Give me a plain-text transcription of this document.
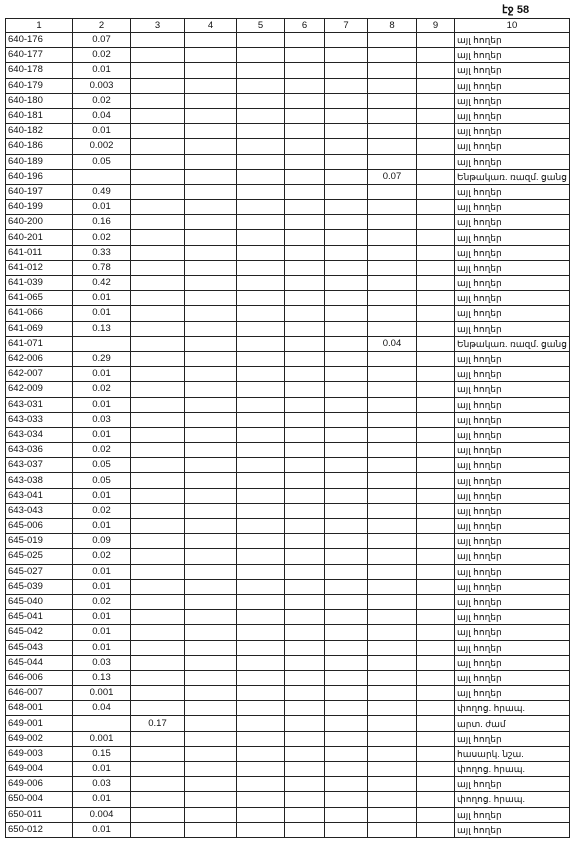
էջ 58
1	2	3	4	5	6	7	8	9	10
640-176	0.07								այլ հողեր
640-177	0.02								այլ հողեր
640-178	0.01								այլ հողեր
640-179	0.003								այլ հողեր
640-180	0.02								այլ հողեր
640-181	0.04								այլ հողեր
640-182	0.01								այլ հողեր
640-186	0.002								այլ հողեր
640-189	0.05								այլ հողեր
640-196							0.07		Ենթակառ. ռազմ. ցանց
640-197	0.49								այլ հողեր
640-199	0.01								այլ հողեր
640-200	0.16								այլ հողեր
640-201	0.02								այլ հողեր
641-011	0.33								այլ հողեր
641-012	0.78								այլ հողեր
641-039	0.42								այլ հողեր
641-065	0.01								այլ հողեր
641-066	0.01								այլ հողեր
641-069	0.13								այլ հողեր
641-071							0.04		Ենթակառ. ռազմ. ցանց
642-006	0.29								այլ հողեր
642-007	0.01								այլ հողեր
642-009	0.02								այլ հողեր
643-031	0.01								այլ հողեր
643-033	0.03								այլ հողեր
643-034	0.01								այլ հողեր
643-036	0.02								այլ հողեր
643-037	0.05								այլ հողեր
643-038	0.05								այլ հողեր
643-041	0.01								այլ հողեր
643-043	0.02								այլ հողեր
645-006	0.01								այլ հողեր
645-019	0.09								այլ հողեր
645-025	0.02								այլ հողեր
645-027	0.01								այլ հողեր
645-039	0.01								այլ հողեր
645-040	0.02								այլ հողեր
645-041	0.01								այլ հողեր
645-042	0.01								այլ հողեր
645-043	0.01								այլ հողեր
645-044	0.03								այլ հողեր
646-006	0.13								այլ հողեր
646-007	0.001								այլ հողեր
648-001	0.04								փողոց. հրապ.
649-001		0.17							արտ. ժամ
649-002	0.001								այլ հողեր
649-003	0.15								հասարկ. նշա.
649-004	0.01								փողոց. հրապ.
649-006	0.03								այլ հողեր
650-004	0.01								փողոց. հրապ.
650-011	0.004								այլ հողեր
650-012	0.01								այլ հողեր
